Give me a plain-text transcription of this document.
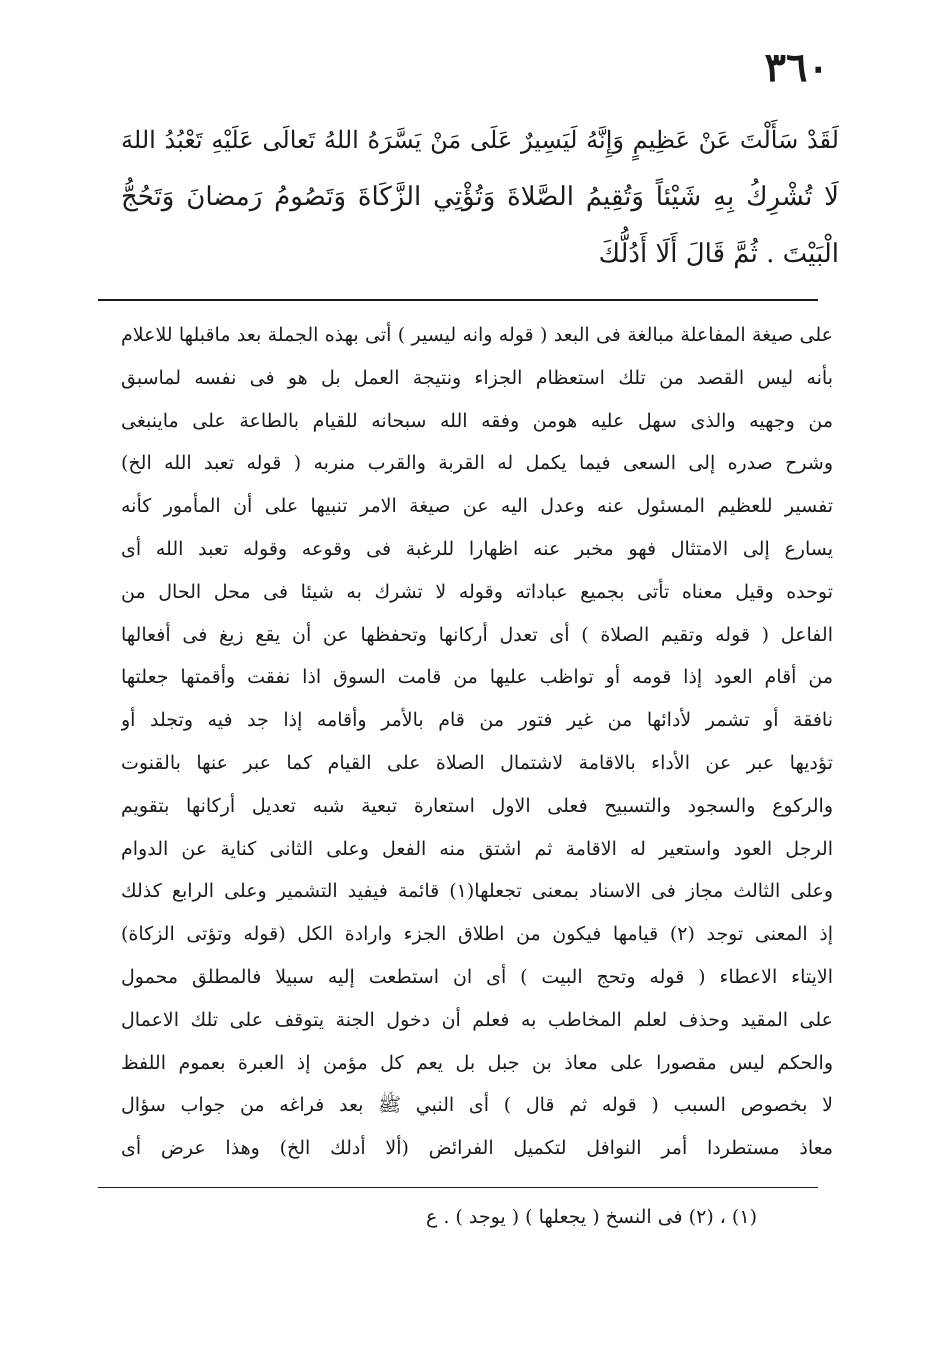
٣٦٠
لَقَدْ سَأَلْتَ عَنْ عَظِيمٍ وَإِنَّهُ لَيَسِيرٌ عَلَى مَنْ يَسَّرَهُ اللهُ تَعالَى عَلَيْهِ تَعْبُدُ اللهَ
لَا تُشْرِكُ بِهِ شَيْئاً وَتُقِيمُ الصَّلاةَ وَتُؤْتِي الزَّكَاةَ وَتَصُومُ رَمضانَ وَتَحُجُّ
الْبَيْتَ . ثُمَّ قَالَ أَلَا أَدُلُّكَ
على صيغة المفاعلة مبالغة فى البعد ( قوله وانه ليسير ) أتى بهذه الجملة بعد ماقبلها للاعلام
بأنه ليس القصد من تلك استعظام الجزاء ونتيجة العمل بل هو فى نفسه لماسبق
من وجهيه والذى سهل عليه هومن وفقه الله سبحانه للقيام بالطاعة على ماينبغى
وشرح صدره إلى السعى فيما يكمل له القربة والقرب منربه ( قوله تعبد الله الخ)
تفسير للعظيم المسئول عنه وعدل اليه عن صيغة الامر تنبيها على أن المأمور كأنه
يسارع إلى الامتثال فهو مخبر عنه اظهارا للرغبة فى وقوعه وقوله تعبد الله أى
توحده وقيل معناه تأتى بجميع عباداته وقوله لا تشرك به شيئا فى محل الحال من
الفاعل ( قوله وتقيم الصلاة ) أى تعدل أركانها وتحفظها عن أن يقع زيغ فى أفعالها
من أقام العود إذا قومه أو تواظب عليها من قامت السوق اذا نفقت وأقمتها جعلتها
نافقة أو تشمر لأدائها من غير فتور من قام بالأمر وأقامه إذا جد فيه وتجلد أو
تؤديها عبر عن الأداء بالاقامة لاشتمال الصلاة على القيام كما عبر عنها بالقنوت
والركوع والسجود والتسبيح فعلى الاول استعارة تبعية شبه تعديل أركانها بتقويم
الرجل العود واستعير له الاقامة ثم اشتق منه الفعل وعلى الثانى كناية عن الدوام
وعلى الثالث مجاز فى الاسناد بمعنى تجعلها(١) قائمة فيفيد التشمير وعلى الرابع كذلك
إذ المعنى توجد (٢) قيامها فيكون من اطلاق الجزء وارادة الكل (قوله وتؤتى الزكاة)
الايتاء الاعطاء ( قوله وتحج البيت ) أى ان استطعت إليه سبيلا فالمطلق محمول
على المقيد وحذف لعلم المخاطب به فعلم أن دخول الجنة يتوقف على تلك الاعمال
والحكم ليس مقصورا على معاذ بن جبل بل يعم كل مؤمن إذ العبرة بعموم اللفظ
لا بخصوص السبب ( قوله ثم قال ) أى النبي ﷺ بعد فراغه من جواب سؤال
معاذ مستطردا أمر النوافل لتكميل الفرائض (ألا أدلك الخ) وهذا عرض أى
(١) ، (٢) فى النسخ ( يجعلها ) ( يوجد ) . ع
